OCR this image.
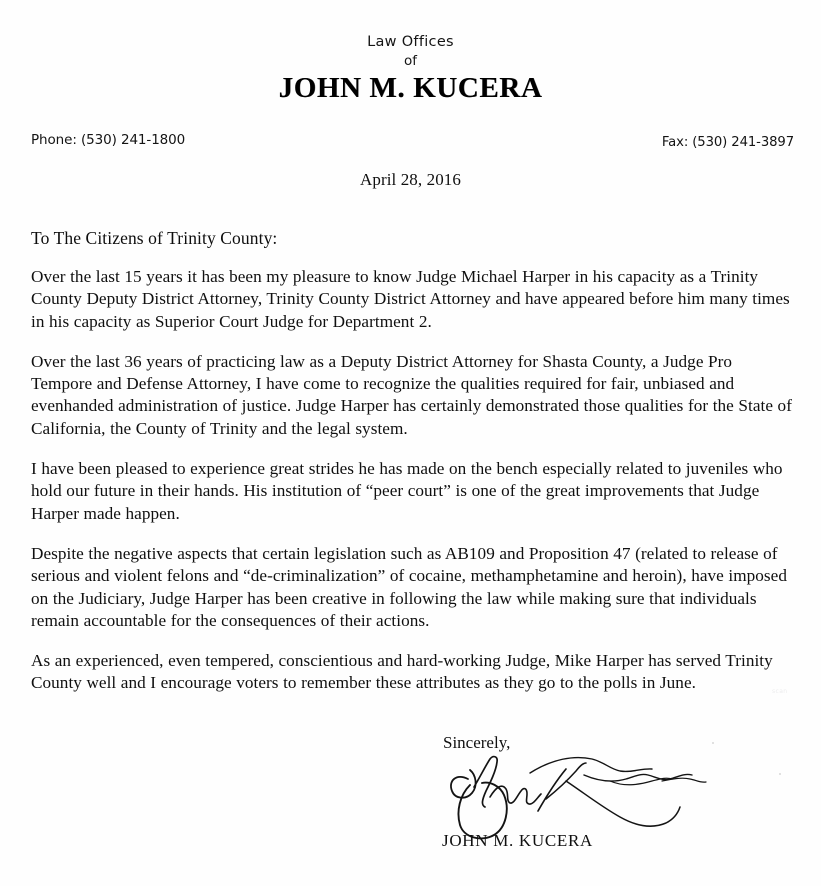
Law Offices
of
JOHN M. KUCERA
Phone: (530) 241-1800	Fax: (530) 241-3897
April 28, 2016
To The Citizens of Trinity County:

Over the last 15 years it has been my pleasure to know Judge Michael Harper in his capacity as a Trinity County Deputy District Attorney, Trinity County District Attorney and have appeared before him many times in his capacity as Superior Court Judge for Department 2.

Over the last 36 years of practicing law as a Deputy District Attorney for Shasta County, a Judge Pro Tempore and Defense Attorney, I have come to recognize the qualities required for fair, unbiased and evenhanded administration of justice. Judge Harper has certainly demonstrated those qualities for the State of California, the County of Trinity and the legal system.

I have been pleased to experience great strides he has made on the bench especially related to juveniles who hold our future in their hands. His institution of “peer court” is one of the great improvements that Judge Harper made happen.

Despite the negative aspects that certain legislation such as AB109 and Proposition 47 (related to release of serious and violent felons and “de-criminalization” of cocaine, methamphetamine and heroin), have imposed on the Judiciary, Judge Harper has been creative in following the law while making sure that individuals remain accountable for the consequences of their actions.

As an experienced, even tempered, conscientious and hard-working Judge, Mike Harper has served Trinity County well and I encourage voters to remember these attributes as they go to the polls in June.

Sincerely,
JOHN M. KUCERA
scan
